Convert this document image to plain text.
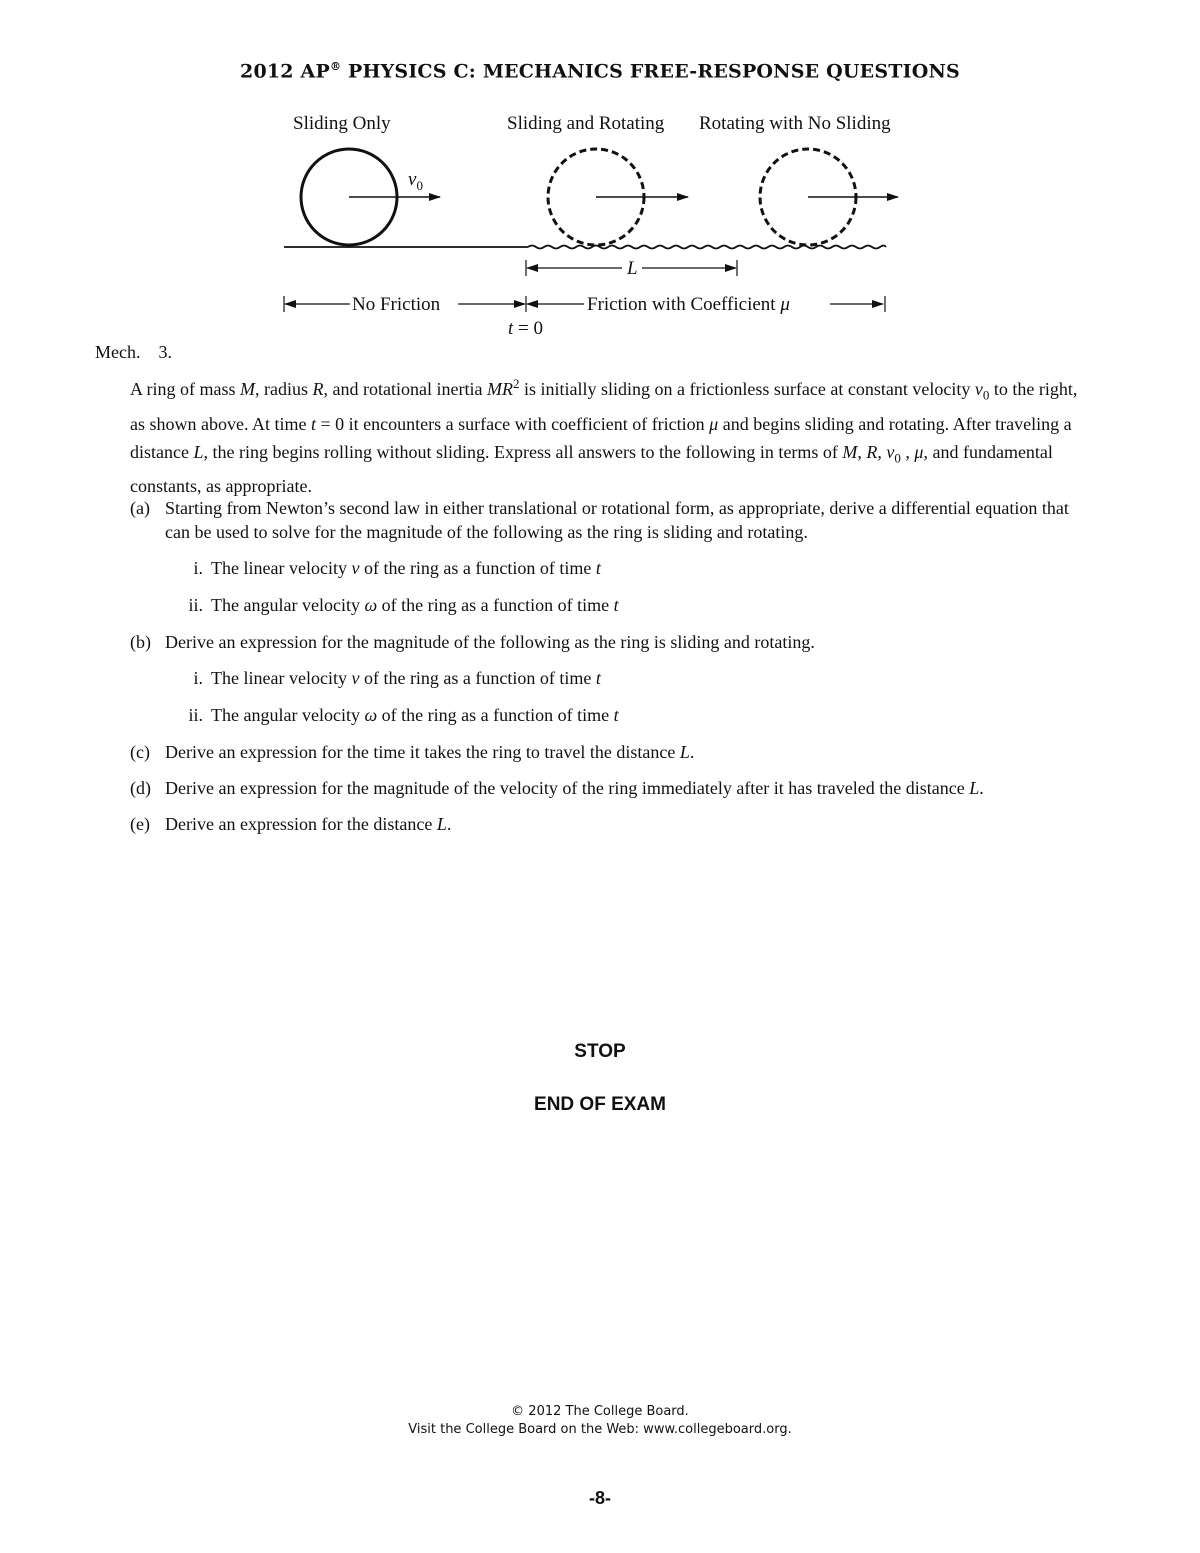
2012 AP® PHYSICS C: MECHANICS FREE-RESPONSE QUESTIONS
Sliding Only	Sliding and Rotating Rotating with No Sliding
$v_0$
L
No Friction	Friction with Coefficient μ
t = 0
Mech. 3.
A ring of mass M, radius R, and rotational inertia $MR^2$ is initially sliding on a frictionless surface at constant velocity $v_0$ to the right, as shown above. At time t = 0 it encounters a surface with coefficient of friction μ and begins sliding and rotating. After traveling a distance L, the ring begins rolling without sliding. Express all answers to the following in terms of M, R, $v_0$ , μ, and fundamental constants, as appropriate.
(a) Starting from Newton’s second law in either translational or rotational form, as appropriate, derive a differential equation that can be used to solve for the magnitude of the following as the ring is sliding and rotating.
i. The linear velocity v of the ring as a function of time t
ii. The angular velocity ω of the ring as a function of time t
(b) Derive an expression for the magnitude of the following as the ring is sliding and rotating.
i. The linear velocity v of the ring as a function of time t
ii. The angular velocity ω of the ring as a function of time t
(c) Derive an expression for the time it takes the ring to travel the distance L.
(d) Derive an expression for the magnitude of the velocity of the ring immediately after it has traveled the distance L.
(e) Derive an expression for the distance L.
STOP
END OF EXAM
© 2012 The College Board.
Visit the College Board on the Web: www.collegeboard.org.
-8-
